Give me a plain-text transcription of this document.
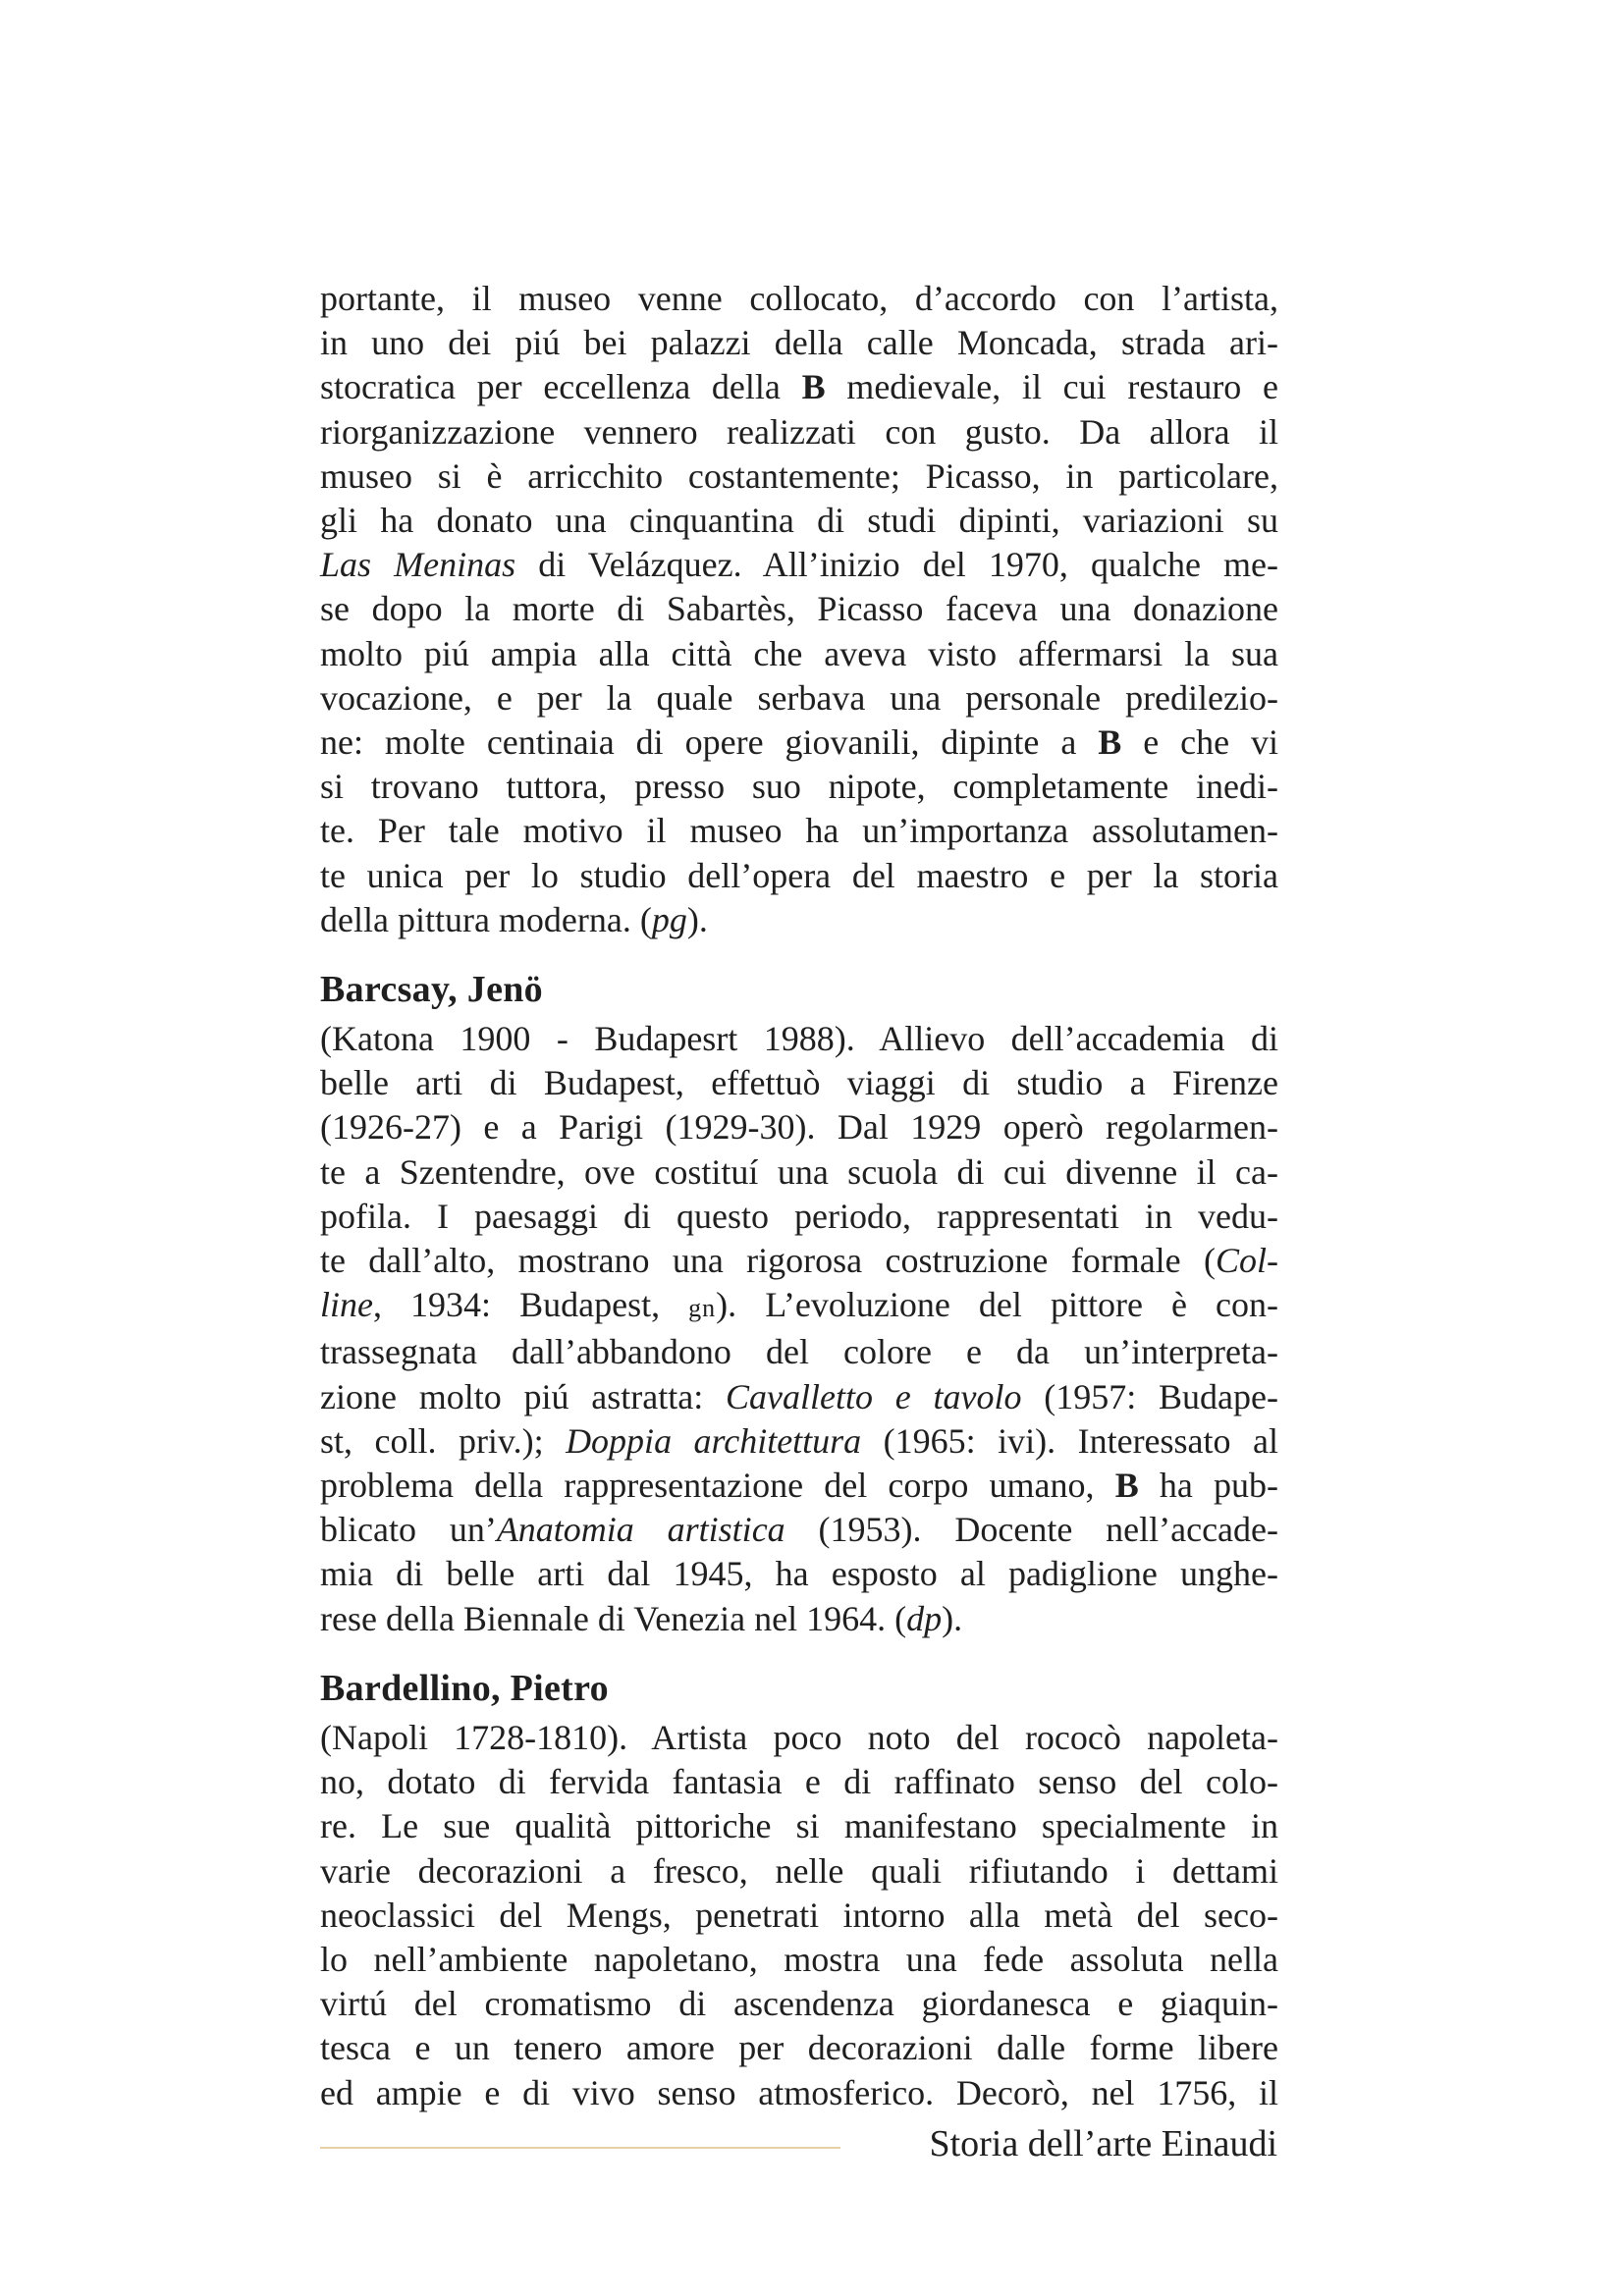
portante, il museo venne collocato, d’accordo con l’artista,
in uno dei piú bei palazzi della calle Moncada, strada ari-
stocratica per eccellenza della B medievale, il cui restauro e
riorganizzazione vennero realizzati con gusto. Da allora il
museo si è arricchito costantemente; Picasso, in particolare,
gli ha donato una cinquantina di studi dipinti, variazioni su
Las Meninas di Velázquez. All’inizio del 1970, qualche me-
se dopo la morte di Sabartès, Picasso faceva una donazione
molto piú ampia alla città che aveva visto affermarsi la sua
vocazione, e per la quale serbava una personale predilezio-
ne: molte centinaia di opere giovanili, dipinte a B e che vi
si trovano tuttora, presso suo nipote, completamente inedi-
te. Per tale motivo il museo ha un’importanza assolutamen-
te unica per lo studio dell’opera del maestro e per la storia
della pittura moderna. (pg).
Barcsay, Jenö
(Katona 1900 - Budapesrt 1988). Allievo dell’accademia di
belle arti di Budapest, effettuò viaggi di studio a Firenze
(1926-27) e a Parigi (1929-30). Dal 1929 operò regolarmen-
te a Szentendre, ove costituí una scuola di cui divenne il ca-
pofila. I paesaggi di questo periodo, rappresentati in vedu-
te dall’alto, mostrano una rigorosa costruzione formale (Col-
line, 1934: Budapest, gn). L’evoluzione del pittore è con-
trassegnata dall’abbandono del colore e da un’interpreta-
zione molto piú astratta: Cavalletto e tavolo (1957: Budape-
st, coll. priv.); Doppia architettura (1965: ivi). Interessato al
problema della rappresentazione del corpo umano, B ha pub-
blicato un’Anatomia artistica (1953). Docente nell’accade-
mia di belle arti dal 1945, ha esposto al padiglione unghe-
rese della Biennale di Venezia nel 1964. (dp).
Bardellino, Pietro
(Napoli 1728-1810). Artista poco noto del rococò napoleta-
no, dotato di fervida fantasia e di raffinato senso del colo-
re. Le sue qualità pittoriche si manifestano specialmente in
varie decorazioni a fresco, nelle quali rifiutando i dettami
neoclassici del Mengs, penetrati intorno alla metà del seco-
lo nell’ambiente napoletano, mostra una fede assoluta nella
virtú del cromatismo di ascendenza giordanesca e giaquin-
tesca e un tenero amore per decorazioni dalle forme libere
ed ampie e di vivo senso atmosferico. Decorò, nel 1756, il
Storia dell’arte Einaudi
